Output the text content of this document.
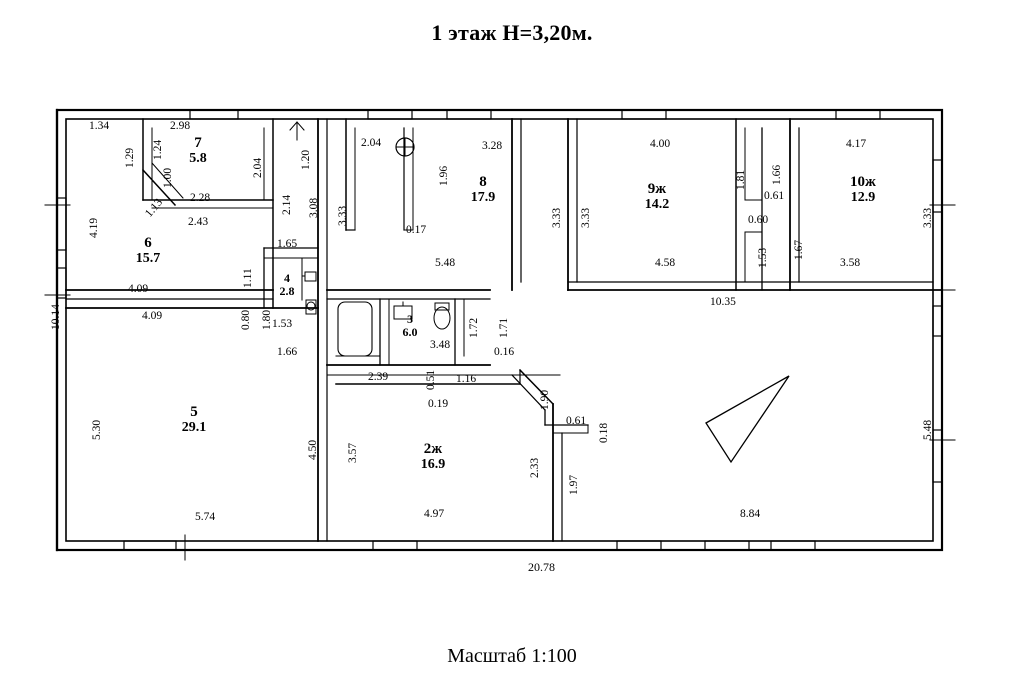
1 этаж H=3,20м.
Масштаб 1:100
7
5.8
6
15.7
4
2.8
5
29.1
3
6.0
8
17.9
9ж
14.2
10ж
12.9
2ж
16.9
1.34	2.98
1.24
2.04
2.28
2.43
4.09
4.09
1.65
1.11
1.53
1.66
0.80
5.74
2.39	0.51 1.16
0.19
4.97
0.16
3.48
0.17
5.48
3.28	4.00
4.58
0.61
0.60
4.17
3.58
10.35
8.84
20.78
0.61
2.04
1.20
1.29
1.00
1.13	2.14 3.08
4.19
10.14	1.80
5.30
4.50 3.57
2.33
1.97
3.33
1.96
3.33 3.33
1.81 1.66
1.53 1.67
3.33
5.48
1.72 1.71
1.90
0.18
